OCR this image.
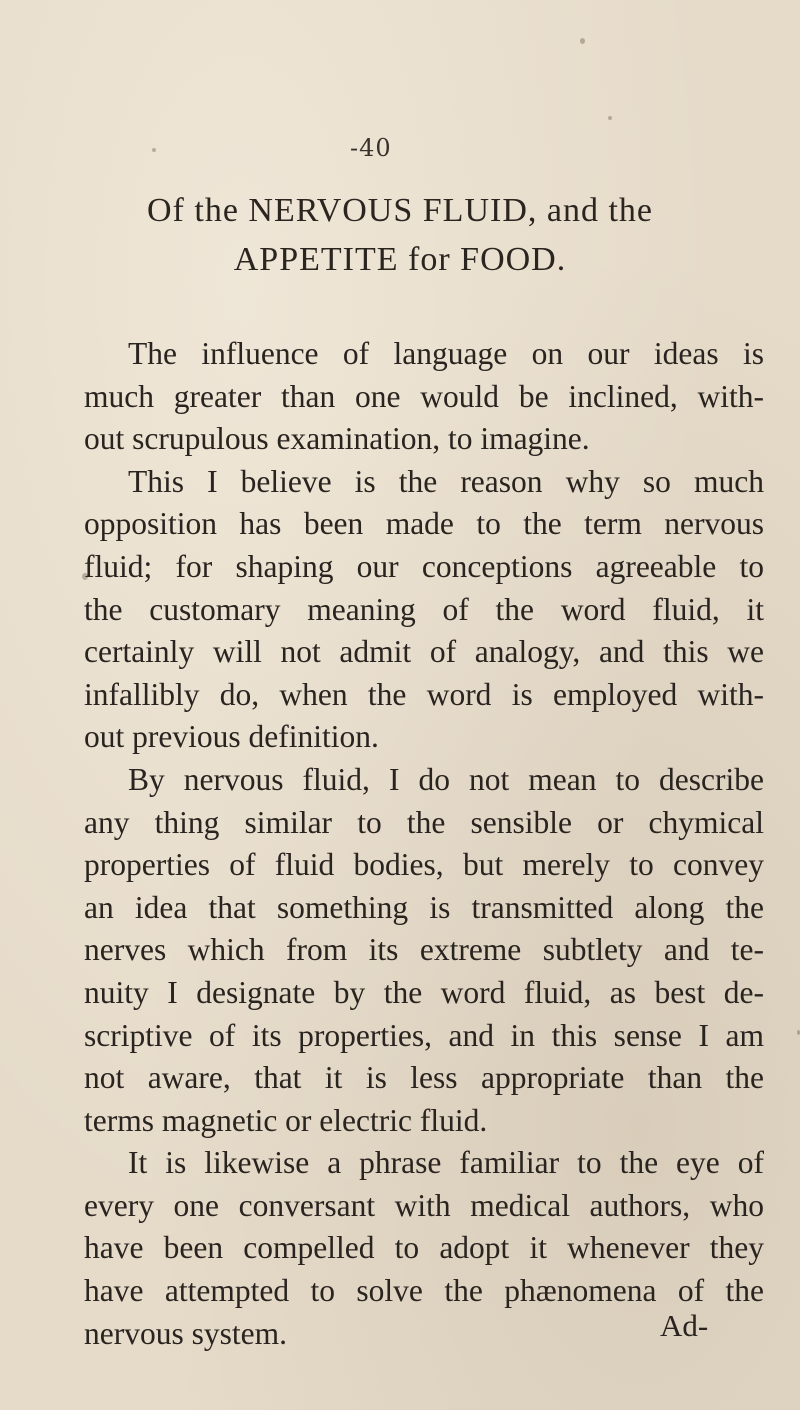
-40
Of the NERVOUS FLUID, and the
APPETITE for FOOD.
The influence of language on our ideas is
much greater than one would be inclined, with-
out scrupulous examination, to imagine.
This I believe is the reason why so much
opposition has been made to the term nervous
fluid; for shaping our conceptions agreeable to
the customary meaning of the word fluid, it
certainly will not admit of analogy, and this we
infallibly do, when the word is employed with-
out previous definition.
By nervous fluid, I do not mean to describe
any thing similar to the sensible or chymical
properties of fluid bodies, but merely to convey
an idea that something is transmitted along the
nerves which from its extreme subtlety and te-
nuity I designate by the word fluid, as best de-
scriptive of its properties, and in this sense I am
not aware, that it is less appropriate than the
terms magnetic or electric fluid.
It is likewise a phrase familiar to the eye of
every one conversant with medical authors, who
have been compelled to adopt it whenever they
have attempted to solve the phænomena of the
nervous system.	Ad-
